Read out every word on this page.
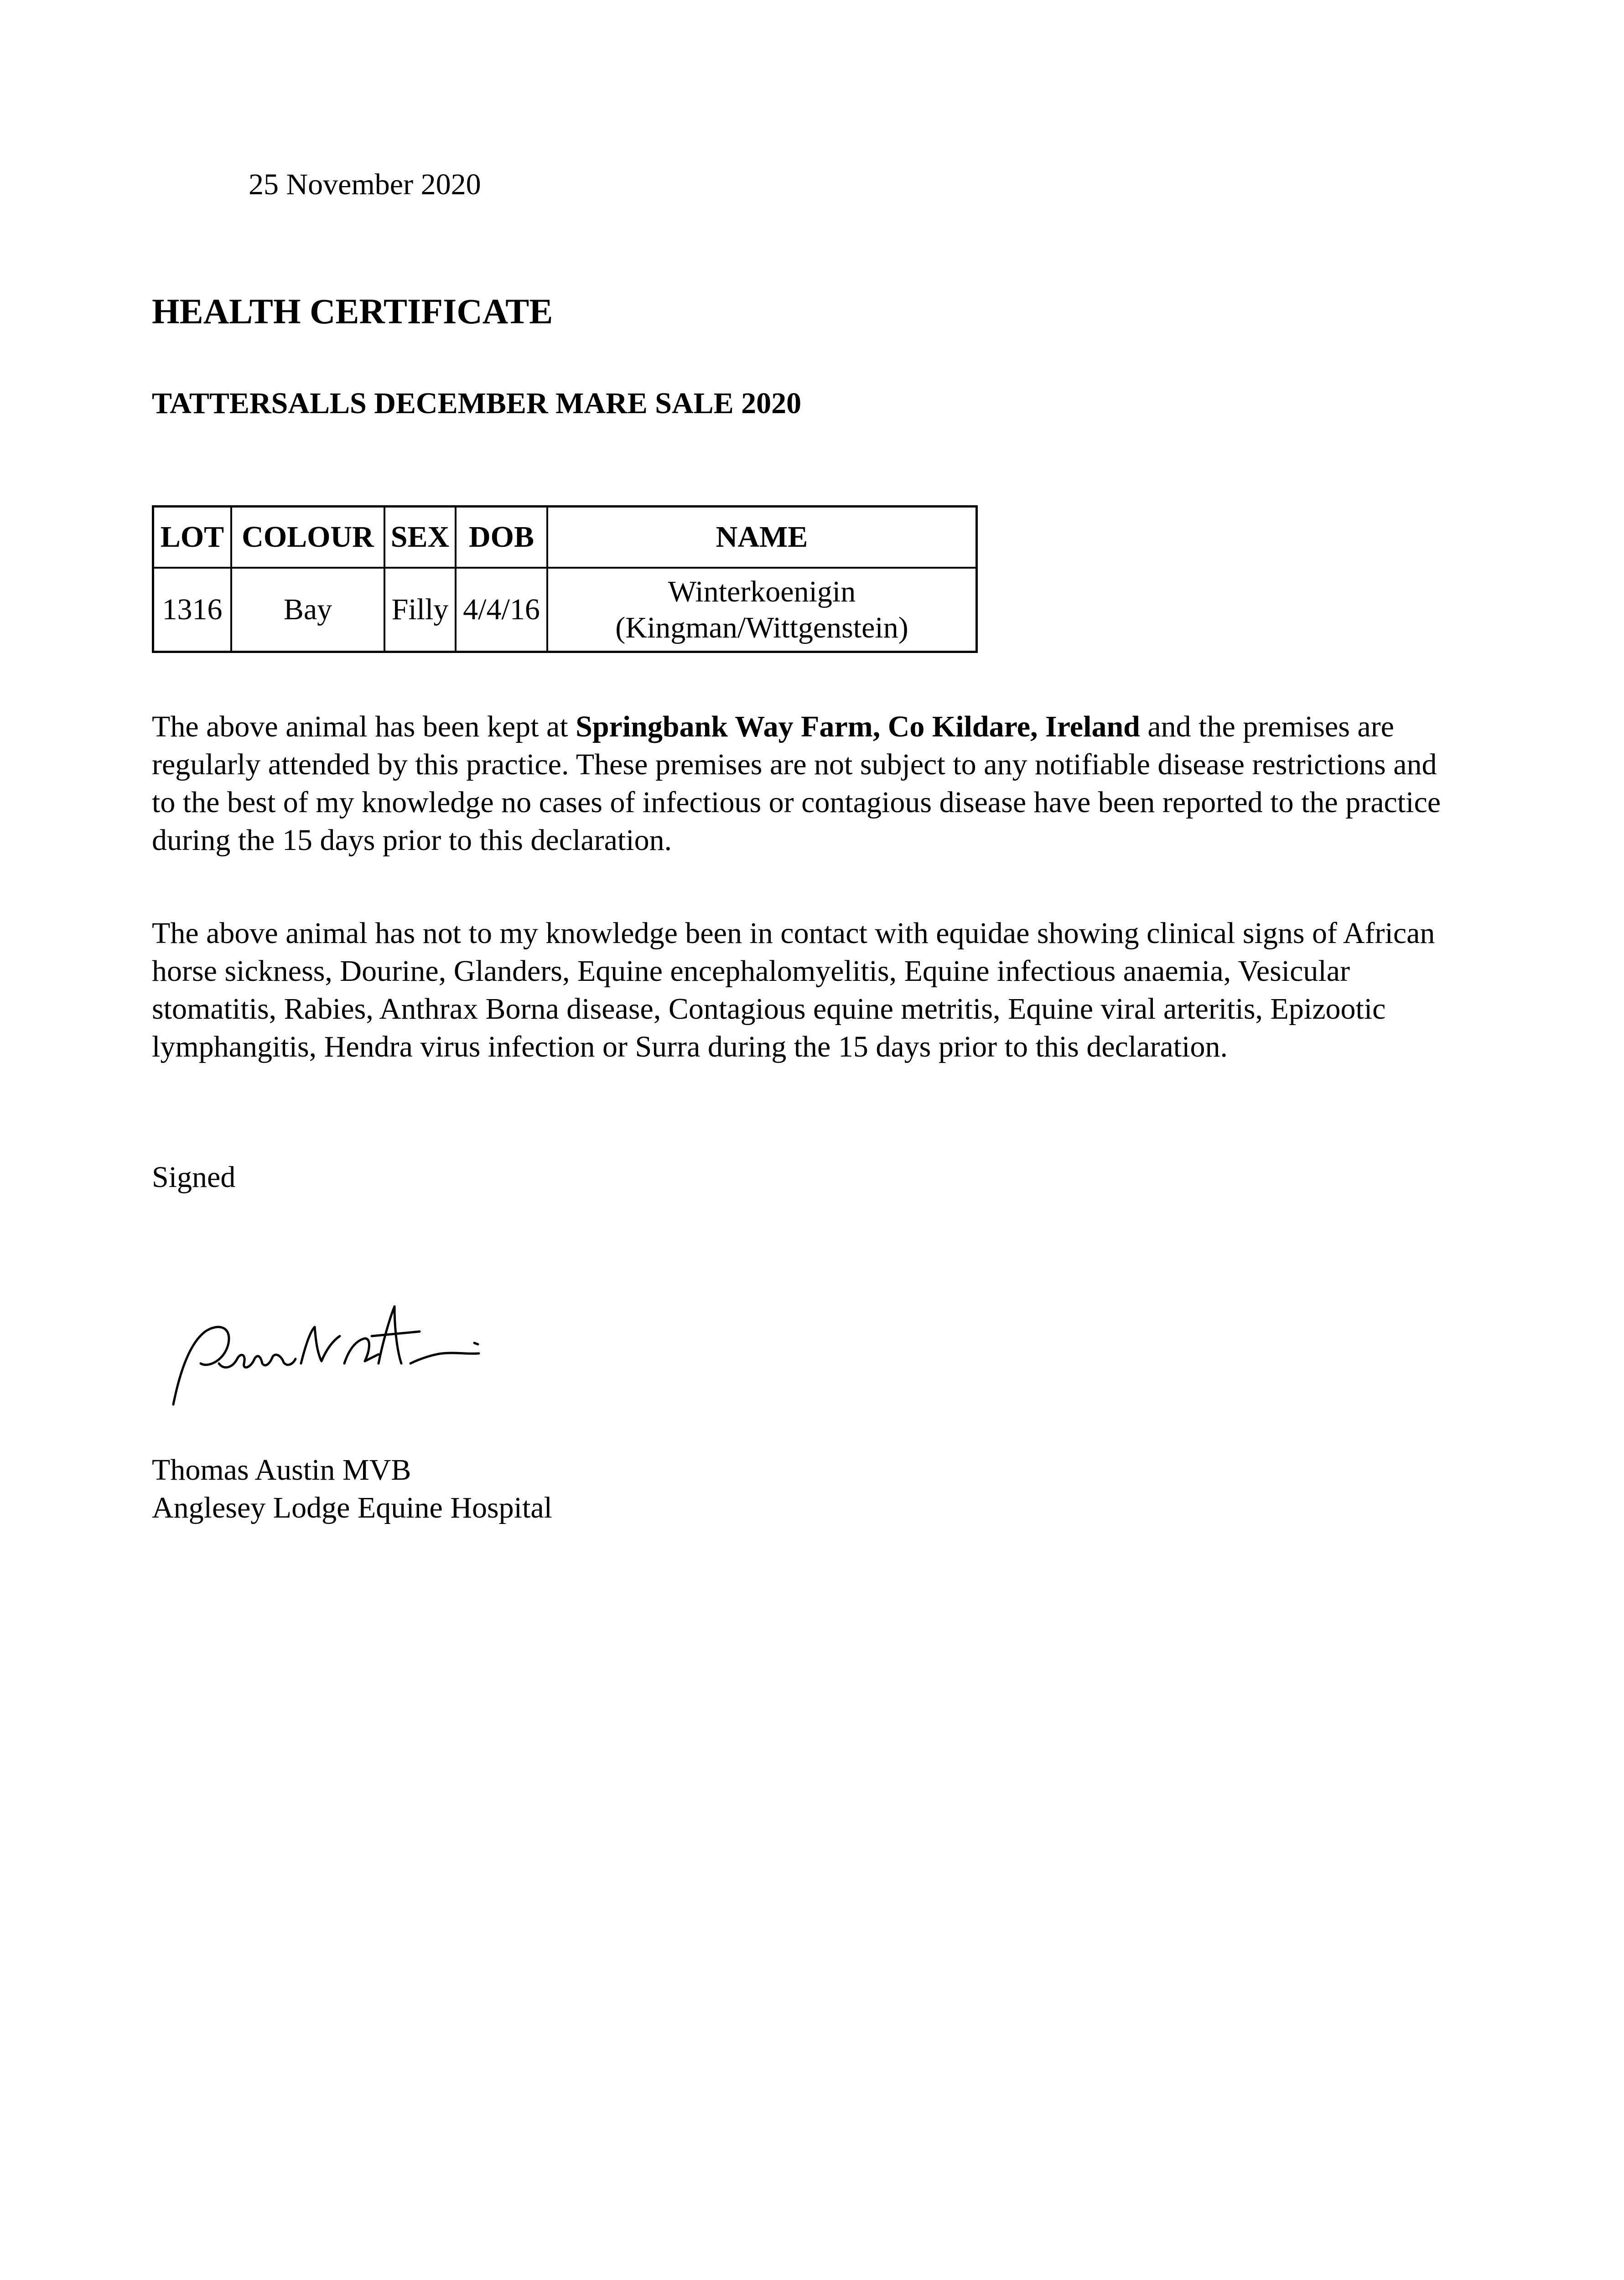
25 November 2020
HEALTH CERTIFICATE
TATTERSALLS DECEMBER MARE SALE 2020
LOT	COLOUR	SEX	DOB	NAME
1316	Bay	Filly	4/4/16	Winterkoenigin
(Kingman/Wittgenstein)

The above animal has been kept at Springbank Way Farm, Co Kildare, Ireland and the premises are regularly attended by this practice. These premises are not subject to any notifiable disease restrictions and to the best of my knowledge no cases of infectious or contagious disease have been reported to the practice during the 15 days prior to this declaration.

The above animal has not to my knowledge been in contact with equidae showing clinical signs of African horse sickness, Dourine, Glanders, Equine encephalomyelitis, Equine infectious anaemia, Vesicular stomatitis, Rabies, Anthrax Borna disease, Contagious equine metritis, Equine viral arteritis, Epizootic lymphangitis, Hendra virus infection or Surra during the 15 days prior to this declaration.

Signed
Thomas Austin MVB
Anglesey Lodge Equine Hospital
